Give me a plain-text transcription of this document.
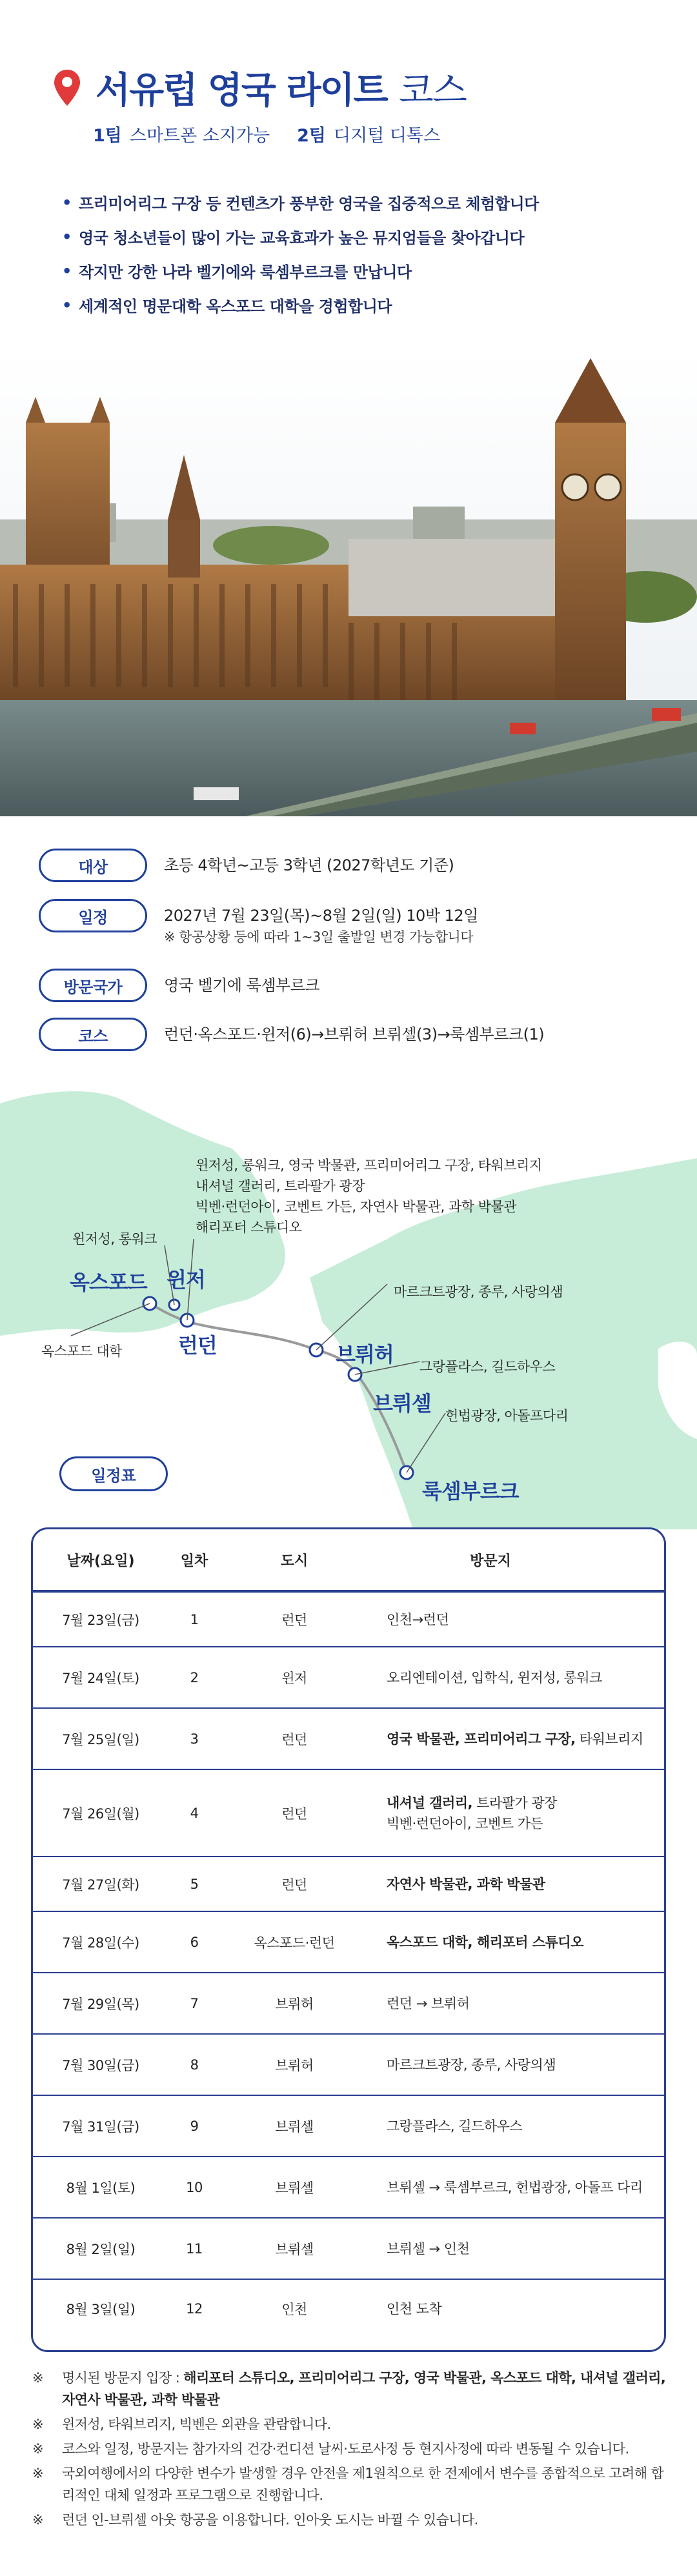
서유럽 영국 라이트 코스
1팀 스마트폰 소지가능 2팀 디지털 디톡스
• 프리미어리그 구장 등 컨텐츠가 풍부한 영국을 집중적으로 체험합니다
• 영국 청소년들이 많이 가는 교육효과가 높은 뮤지엄들을 찾아갑니다
• 작지만 강한 나라 벨기에와 룩셈부르크를 만납니다
• 세계적인 명문대학 옥스포드 대학을 경험합니다
대상	초등 4학년~고등 3학년 (2027학년도 기준)
일정	2027년 7월 23일(목)~8월 2일(일) 10박 12일
※ 항공상황 등에 따라 1~3일 출발일 변경 가능합니다
방문국가	영국 벨기에 룩셈부르크
코스	런던·옥스포드·윈저(6)→브뤼허 브뤼셀(3)→룩셈부르크(1)
윈저성, 롱워크, 영국 박물관, 프리미어리그 구장, 타워브리지
내셔널 갤러리, 트라팔가 광장
빅벤·런던아이, 코벤트 가든, 자연사 박물관, 과학 박물관
해리포터 스튜디오
윈저성, 롱워크
옥스포드 대학
마르크트광장, 종루, 사랑의샘
그랑플라스, 길드하우스
헌법광장, 아돌프다리
옥스포드 윈저
런던	브뤼허
브뤼셀
룩셈부르크
일정표
날짜(요일)	일차	도시	방문지
7월 23일(금)	1	런던	인천→런던
7월 24일(토)	2	윈저	오리엔테이션, 입학식, 윈저성, 롱워크
7월 25일(일)	3	런던	영국 박물관, 프리미어리그 구장, 타워브리지
7월 26일(월)	4	런던
내셔널 갤러리, 트라팔가 광장
빅벤·런던아이, 코벤트 가든
7월 27일(화)	5	런던	자연사 박물관, 과학 박물관
7월 28일(수)	6	옥스포드·런던	옥스포드 대학, 해리포터 스튜디오
7월 29일(목)	7	브뤼허	런던 → 브뤼허
7월 30일(금)	8	브뤼허	마르크트광장, 종루, 사랑의샘
7월 31일(금)	9	브뤼셀	그랑플라스, 길드하우스
8월 1일(토)	10	브뤼셀	브뤼셀 → 룩셈부르크, 헌법광장, 아돌프 다리
8월 2일(일)	11	브뤼셀	브뤼셀 → 인천
8월 3일(일)	12	인천	인천 도착
※	명시된 방문지 입장 : 해리포터 스튜디오, 프리미어리그 구장, 영국 박물관, 옥스포드 대학, 내셔널 갤러리, 자연사 박물관, 과학 박물관
※	윈저성, 타워브리지, 빅벤은 외관을 관람합니다.
※	코스와 일정, 방문지는 참가자의 건강·컨디션 날씨·도로사정 등 현지사정에 따라 변동될 수 있습니다.
※	국외여행에서의 다양한 변수가 발생할 경우 안전을 제1원칙으로 한 전제에서 변수를 종합적으로 고려해 합리적인 대체 일정과 프로그램으로 진행합니다.
※	런던 인-브뤼셀 아웃 항공을 이용합니다. 인아웃 도시는 바뀔 수 있습니다.
